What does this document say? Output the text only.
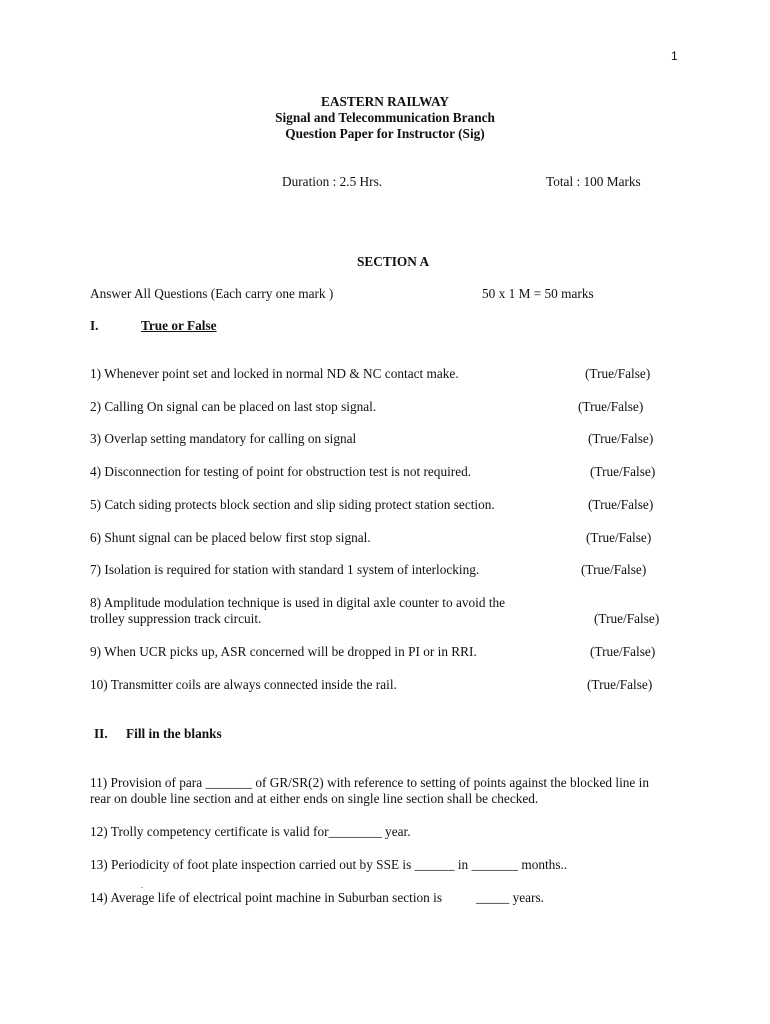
1
EASTERN RAILWAY
Signal and Telecommunication Branch
Question Paper for Instructor (Sig)
Duration : 2.5 Hrs.	Total : 100 Marks
SECTION A
Answer All Questions (Each carry one mark )	50 x 1 M = 50 marks
I.	True or False
1) Whenever point set and locked in normal ND & NC contact make.	(True/False)
2) Calling On signal can be placed on last stop signal.	(True/False)
3) Overlap setting mandatory for calling on signal	(True/False)
4) Disconnection for testing of point for obstruction test is not required.	(True/False)
5) Catch siding protects block section and slip siding protect station section.	(True/False)
6) Shunt signal can be placed below first stop signal.	(True/False)
7) Isolation is required for station with standard 1 system of interlocking.	(True/False)
8) Amplitude modulation technique is used in digital axle counter to avoid the
trolley suppression track circuit.	(True/False)
9) When UCR picks up, ASR concerned will be dropped in PI or in RRI.	(True/False)
10) Transmitter coils are always connected inside the rail.	(True/False)
II. Fill in the blanks
11) Provision of para _______ of GR/SR(2) with reference to setting of points against the blocked line in
rear on double line section and at either ends on single line section shall be checked.
12) Trolly competency certificate is valid for________ year.
13) Periodicity of foot plate inspection carried out by SSE is ______ in _______ months..
.
14) Average life of electrical point machine in Suburban section is	_____ years.
